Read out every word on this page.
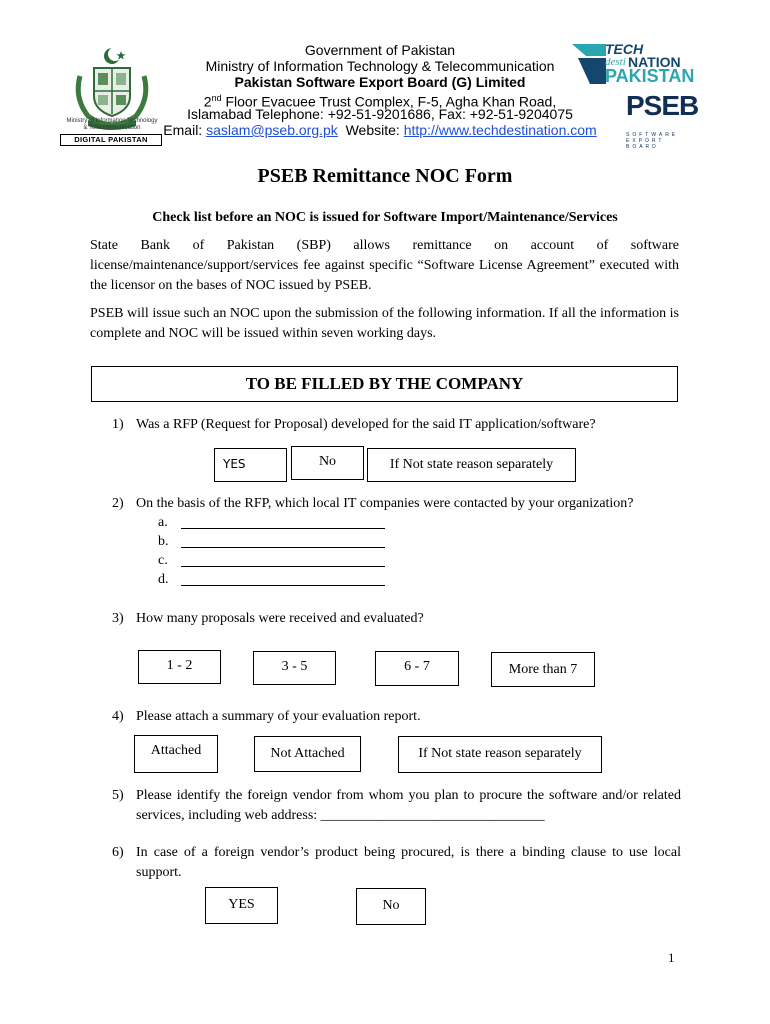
Ministry of Information Technology
& Telecommunication
DIGITAL PAKISTAN
Government of Pakistan
Ministry of Information Technology & Telecommunication
Pakistan Software Export Board (G) Limited
2nd Floor Evacuee Trust Complex, F-5, Agha Khan Road,
Islamabad Telephone: +92-51-9201686, Fax: +92-51-9204075
Email: saslam@pseb.org.pk  Website: http://www.techdestination.com
TECH
desti NATION
PAKISTAN
PSEB
SOFTWARE
EXPORT BOARD
PSEB Remittance NOC Form
Check list before an NOC is issued for Software Import/Maintenance/Services
State Bank of Pakistan (SBP) allows remittance on account of software license/maintenance/support/services fee against specific “Software License Agreement” executed with the licensor on the bases of NOC issued by PSEB.
PSEB will issue such an NOC upon the submission of the following information. If all the information is complete and NOC will be issued within seven working days.
TO BE FILLED BY THE COMPANY
1) Was a RFP (Request for Proposal) developed for the said IT application/software?
YES	No	If Not state reason separately
2) On the basis of the RFP, which local IT companies were contacted by your organization?
a.
b.
c.
d.
3) How many proposals were received and evaluated?
1 - 2	3 - 5	6 - 7	More than 7
4) Please attach a summary of your evaluation report.
Attached	Not Attached	If Not state reason separately
5) Please identify the foreign vendor from whom you plan to procure the software and/or related services, including web address: ________________________________
6) In case of a foreign vendor’s product being procured, is there a binding clause to use local support.
YES	No
1
